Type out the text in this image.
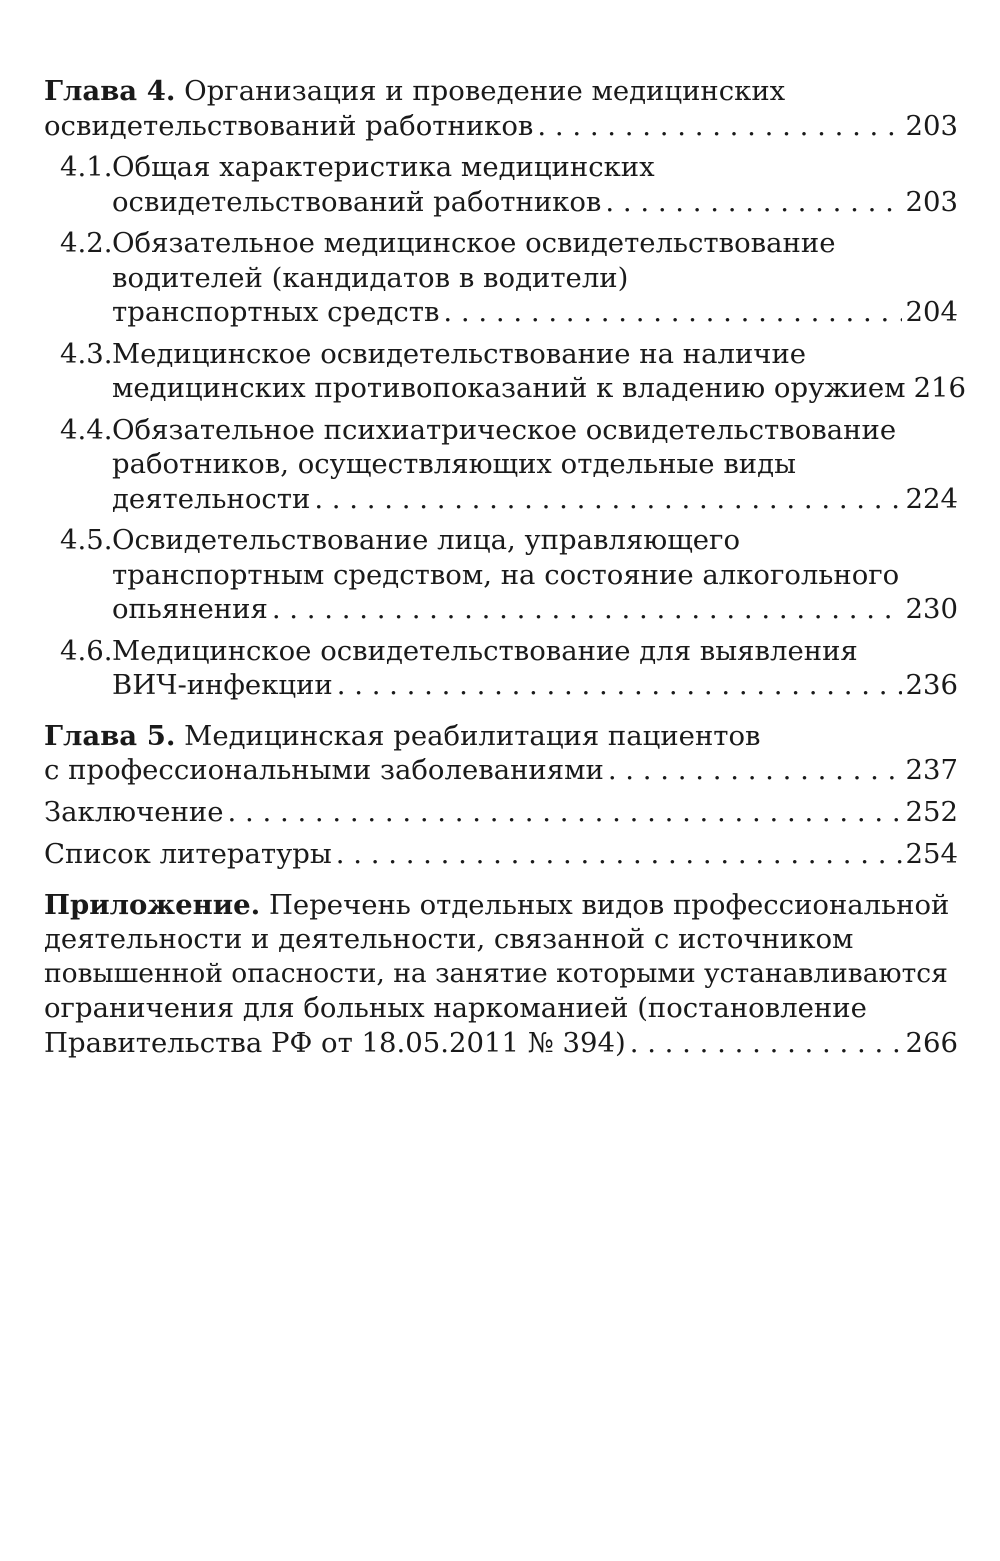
Глава 4. Организация и проведение медицинских
освидетельствований работников . . .	203
4.1. Общая характеристика медицинских
освидетельствований работников . . .	203
4.2. Обязательное медицинское освидетельствование
водителей (кандидатов в водители)
транспортных средств . . .	204
4.3. Медицинское освидетельствование на наличие
медицинских противопоказаний к владению оружием 216
4.4. Обязательное психиатрическое освидетельствование
работников, осуществляющих отдельные виды
деятельности . . .	224
4.5. Освидетельствование лица, управляющего
транспортным средством, на состояние алкогольного
опьянения . . .	230
4.6. Медицинское освидетельствование для выявления
ВИЧ-инфекции . . .	236
Глава 5. Медицинская реабилитация пациентов
с профессиональными заболеваниями . . .	237
Заключение . . .	252
Список литературы . . .	254
Приложение. Перечень отдельных видов профессиональной
деятельности и деятельности, связанной с источником
повышенной опасности, на занятие которыми устанавливаются
ограничения для больных наркоманией (постановление
Правительства РФ от 18.05.2011 № 394) . . .	266
